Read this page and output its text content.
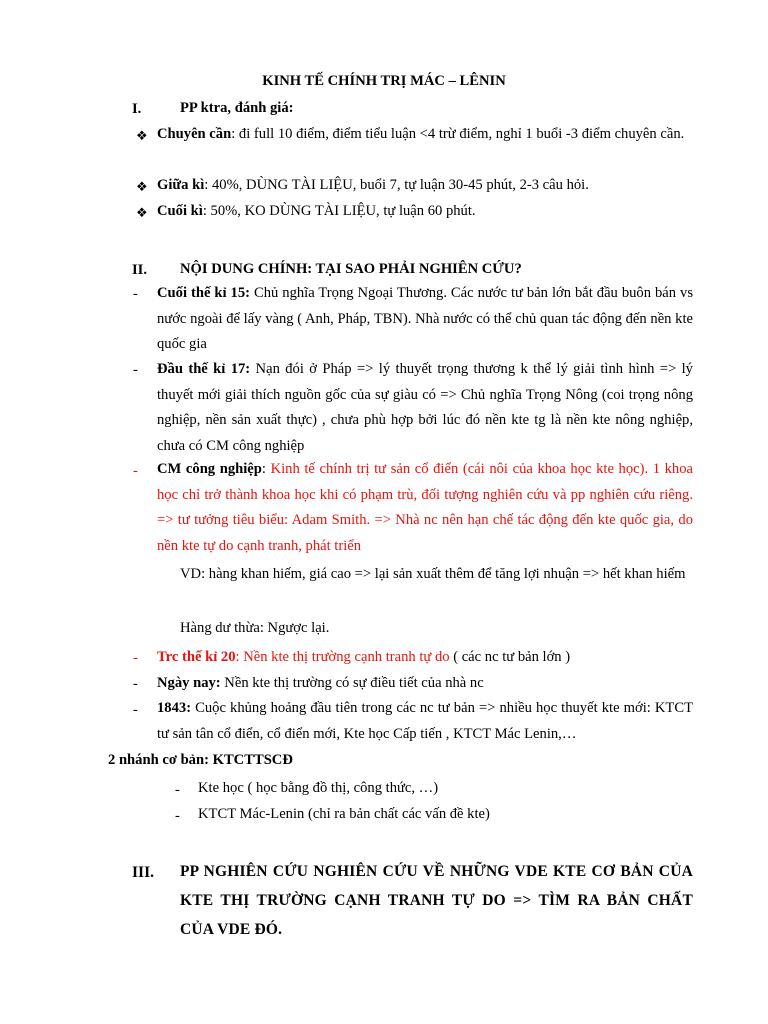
KINH TẾ CHÍNH TRỊ MÁC – LÊNIN
I.	PP ktra, đánh giá:
❖ Chuyên cần: đi full 10 điểm, điểm tiểu luận <4 trừ điểm, nghỉ 1 buổi -3 điểm chuyên cần.
❖ Giữa kì: 40%, DÙNG TÀI LIỆU, buổi 7, tự luận 30-45 phút, 2-3 câu hỏi.
❖ Cuối kì: 50%, KO DÙNG TÀI LIỆU, tự luận 60 phút.
II. NỘI DUNG CHÍNH: TẠI SAO PHẢI NGHIÊN CỨU?
- Cuối thế kỉ 15: Chủ nghĩa Trọng Ngoại Thương. Các nước tư bản lớn bắt đầu buôn bán vs nước ngoài để lấy vàng ( Anh, Pháp, TBN). Nhà nước có thể chủ quan tác động đến nền kte quốc gia
- Đầu thế kỉ 17: Nạn đói ở Pháp => lý thuyết trọng thương k thể lý giải tình hình => lý thuyết mới giải thích nguồn gốc của sự giàu có => Chủ nghĩa Trọng Nông (coi trọng nông nghiệp, nền sản xuất thực) , chưa phù hợp bởi lúc đó nền kte tg là nền kte nông nghiệp, chưa có CM công nghiệp
- CM công nghiệp: Kinh tế chính trị tư sản cổ điển (cái nôi của khoa học kte học). 1 khoa học chỉ trở thành khoa học khi có phạm trù, đối tượng nghiên cứu và pp nghiên cứu riêng. => tư tưởng tiêu biểu: Adam Smith. => Nhà nc nên hạn chế tác động đến kte quốc gia, do nền kte tự do cạnh tranh, phát triển
VD: hàng khan hiếm, giá cao => lại sản xuất thêm để tăng lợi nhuận => hết khan hiếm
Hàng dư thừa: Ngược lại.
- Trc thế kỉ 20: Nền kte thị trường cạnh tranh tự do ( các nc tư bản lớn )
- Ngày nay: Nền kte thị trường có sự điều tiết của nhà nc
- 1843: Cuộc khủng hoảng đầu tiên trong các nc tư bản => nhiều học thuyết kte mới: KTCT tư sản tân cổ điển, cổ điển mới, Kte học Cấp tiến , KTCT Mác Lenin,…
2 nhánh cơ bản: KTCTTSCĐ
- Kte học ( học bằng đồ thị, công thức, …)
- KTCT Mác-Lenin (chỉ ra bản chất các vấn đề kte)
III. PP NGHIÊN CỨU NGHIÊN CỨU VỀ NHỮNG VDE KTE CƠ BẢN CỦA KTE THỊ TRƯỜNG CẠNH TRANH TỰ DO => TÌM RA BẢN CHẤT CỦA VDE ĐÓ.
